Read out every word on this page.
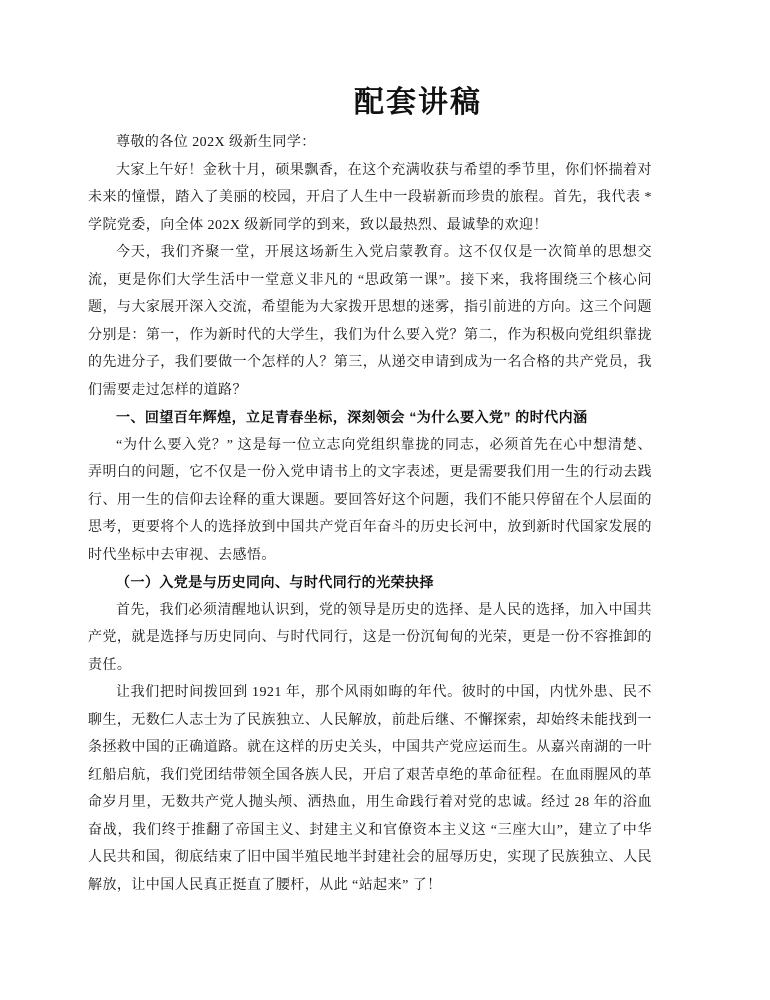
配套讲稿

尊敬的各位 202X 级新生同学：

大家上午好！金秋十月，硕果飘香，在这个充满收获与希望的季节里，你们怀揣着对未来的憧憬，踏入了美丽的校园，开启了人生中一段崭新而珍贵的旅程。首先，我代表 *学院党委，向全体 202X 级新同学的到来，致以最热烈、最诚挚的欢迎！

今天，我们齐聚一堂，开展这场新生入党启蒙教育。这不仅仅是一次简单的思想交流，更是你们大学生活中一堂意义非凡的 “思政第一课”。接下来，我将围绕三个核心问题，与大家展开深入交流，希望能为大家拨开思想的迷雾，指引前进的方向。这三个问题分别是：第一，作为新时代的大学生，我们为什么要入党？第二，作为积极向党组织靠拢的先进分子，我们要做一个怎样的人？第三，从递交申请到成为一名合格的共产党员，我们需要走过怎样的道路？

一、回望百年辉煌，立足青春坐标，深刻领会 “为什么要入党” 的时代内涵

“为什么要入党？” 这是每一位立志向党组织靠拢的同志，必须首先在心中想清楚、弄明白的问题，它不仅是一份入党申请书上的文字表述，更是需要我们用一生的行动去践行、用一生的信仰去诠释的重大课题。要回答好这个问题，我们不能只停留在个人层面的思考，更要将个人的选择放到中国共产党百年奋斗的历史长河中，放到新时代国家发展的时代坐标中去审视、去感悟。

（一）入党是与历史同向、与时代同行的光荣抉择

首先，我们必须清醒地认识到，党的领导是历史的选择、是人民的选择，加入中国共产党，就是选择与历史同向、与时代同行，这是一份沉甸甸的光荣，更是一份不容推卸的责任。

让我们把时间拨回到 1921 年，那个风雨如晦的年代。彼时的中国，内忧外患、民不聊生，无数仁人志士为了民族独立、人民解放，前赴后继、不懈探索，却始终未能找到一条拯救中国的正确道路。就在这样的历史关头，中国共产党应运而生。从嘉兴南湖的一叶红船启航，我们党团结带领全国各族人民，开启了艰苦卓绝的革命征程。在血雨腥风的革命岁月里，无数共产党人抛头颅、洒热血，用生命践行着对党的忠诚。经过 28 年的浴血奋战，我们终于推翻了帝国主义、封建主义和官僚资本主义这 “三座大山”，建立了中华人民共和国，彻底结束了旧中国半殖民地半封建社会的屈辱历史，实现了民族独立、人民解放，让中国人民真正挺直了腰杆，从此 “站起来” 了！
